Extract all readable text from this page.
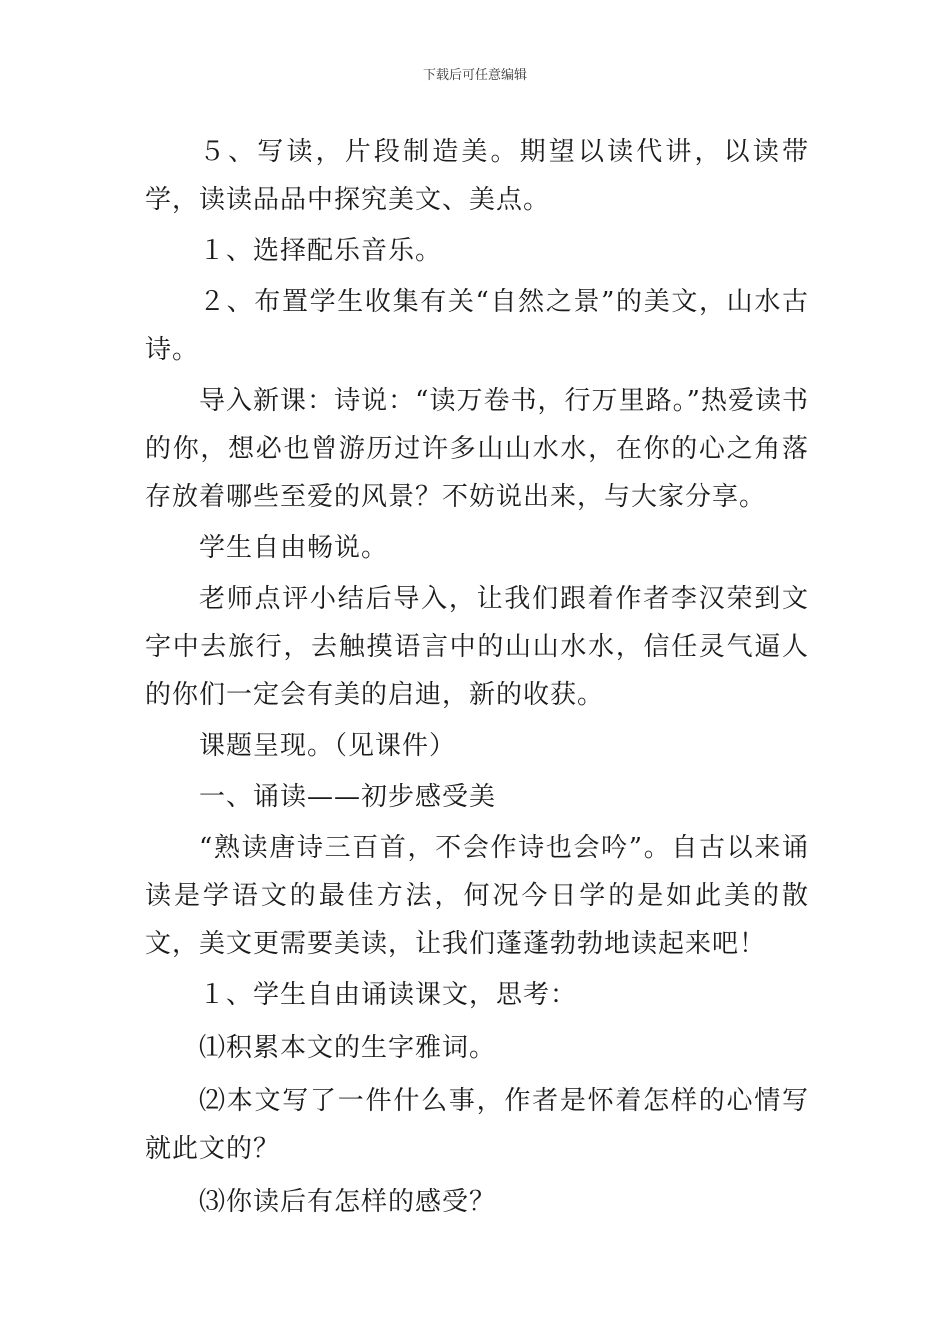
下载后可任意编辑

５、写读，片段制造美。期望以读代讲，以读带学，读读品品中探究美文、美点。

１、选择配乐音乐。

２、布置学生收集有关“自然之景”的美文，山水古诗。

导入新课：诗说：“读万卷书，行万里路。”热爱读书的你，想必也曾游历过许多山山水水，在你的心之角落存放着哪些至爱的风景？不妨说出来，与大家分享。

学生自由畅说。

老师点评小结后导入，让我们跟着作者李汉荣到文字中去旅行，去触摸语言中的山山水水，信任灵气逼人的你们一定会有美的启迪，新的收获。

课题呈现。（见课件）

一、诵读——初步感受美

“熟读唐诗三百首，不会作诗也会吟”。自古以来诵读是学语文的最佳方法，何况今日学的是如此美的散文，美文更需要美读，让我们蓬蓬勃勃地读起来吧！

１、学生自由诵读课文，思考：

⑴积累本文的生字雅词。

⑵本文写了一件什么事，作者是怀着怎样的心情写就此文的？

⑶你读后有怎样的感受？
